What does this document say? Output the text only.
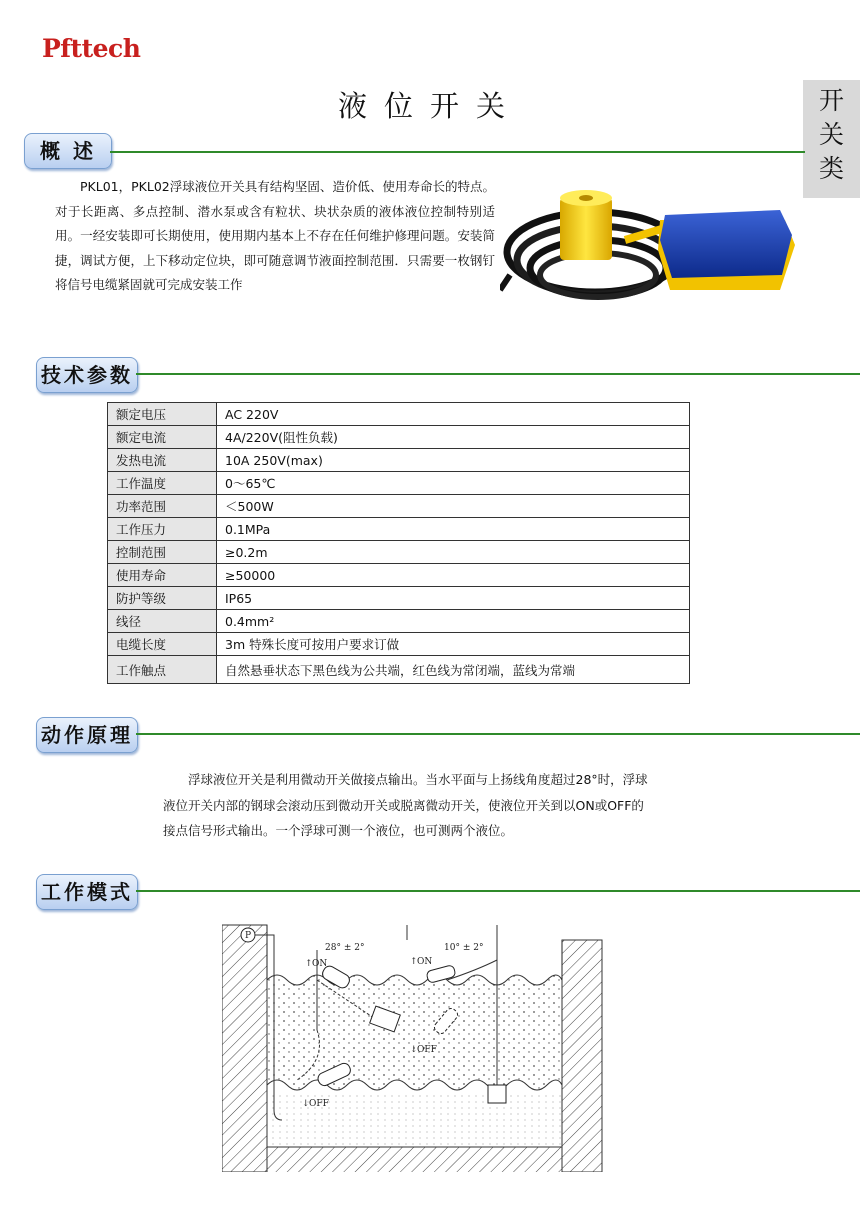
Pfttech
液位开关	开
关
类
概 述
PKL01，PKL02浮球液位开关具有结构坚固、造价低、使用寿命长的特点。对于长距离、多点控制、潜水泵或含有粒状、块状杂质的液体液位控制特别适用。一经安装即可长期使用，使用期内基本上不存在任何维护修理问题。安装简捷，调试方便，上下移动定位块，即可随意调节液面控制范围．只需要一枚钢钉将信号电缆紧固就可完成安装工作
技术参数
额定电压	AC 220V
额定电流	4A/220V(阻性负载)
发热电流	10A 250V(max)
工作温度	0～65℃
功率范围	＜500W
工作压力	0.1MPa
控制范围	≥0.2m
使用寿命	≥50000
防护等级	IP65
线径	0.4mm²
电缆长度	3m 特殊长度可按用户要求订做
工作触点	自然悬垂状态下黑色线为公共端，红色线为常闭端，蓝线为常端
动作原理
浮球液位开关是利用微动开关做接点输出。当水平面与上扬线角度超过28°时，浮球液位开关内部的钢球会滚动压到微动开关或脱离微动开关，使液位开关到以ON或OFF的接点信号形式输出。一个浮球可测一个液位，也可测两个液位。
工作模式
P
28° ± 2°	10° ± 2°
↑ ON	↑ ON
↓ OFF
↓ OFF
